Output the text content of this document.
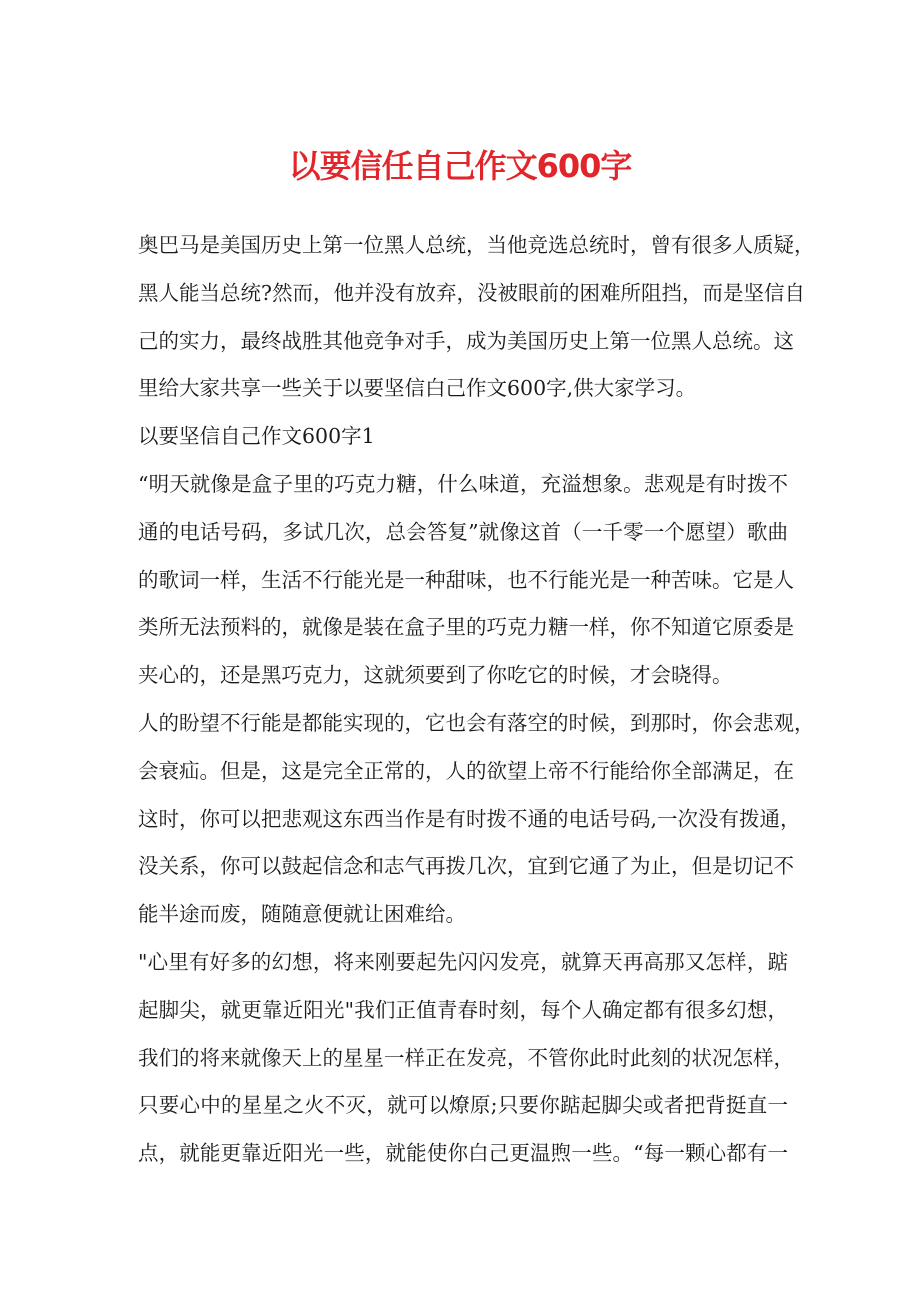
以要信任自己作文600字
奥巴马是美国历史上第一位黑人总统，当他竞选总统时，曾有很多人质疑，
黑人能当总统?然而，他并没有放弃，没被眼前的困难所阻挡，而是坚信自
己的实力，最终战胜其他竞争对手，成为美国历史上第一位黑人总统。这
里给大家共享一些关于以要坚信白己作文600字,供大家学习。
以要坚信自己作文600字1
“明天就像是盒子里的巧克力糖，什么味道，充溢想象。悲观是有时拨不
通的电话号码，多试几次，总会答复”就像这首（一千零一个愿望）歌曲
的歌词一样，生活不行能光是一种甜味，也不行能光是一种苦味。它是人
类所无法预料的，就像是装在盒子里的巧克力糖一样，你不知道它原委是
夹心的，还是黑巧克力，这就须要到了你吃它的时候，才会晓得。
人的盼望不行能是都能实现的，它也会有落空的时候，到那时，你会悲观，
会衰疝。但是，这是完全正常的，人的欲望上帝不行能给你全部满足，在
这时，你可以把悲观这东西当作是有时拨不通的电话号码,一次没有拨通，
没关系，你可以鼓起信念和志气再拨几次，宜到它通了为止，但是切记不
能半途而废，随随意便就让困难给。
"心里有好多的幻想，将来刚要起先闪闪发亮，就算天再高那又怎样，踮
起脚尖，就更靠近阳光"我们正值青春时刻，每个人确定都有很多幻想，
我们的将来就像天上的星星一样正在发亮，不管你此时此刻的状况怎样，
只要心中的星星之火不灭，就可以燎原;只要你踮起脚尖或者把背挺直一
点，就能更靠近阳光一些，就能使你白己更温煦一些。“每一颗心都有一
